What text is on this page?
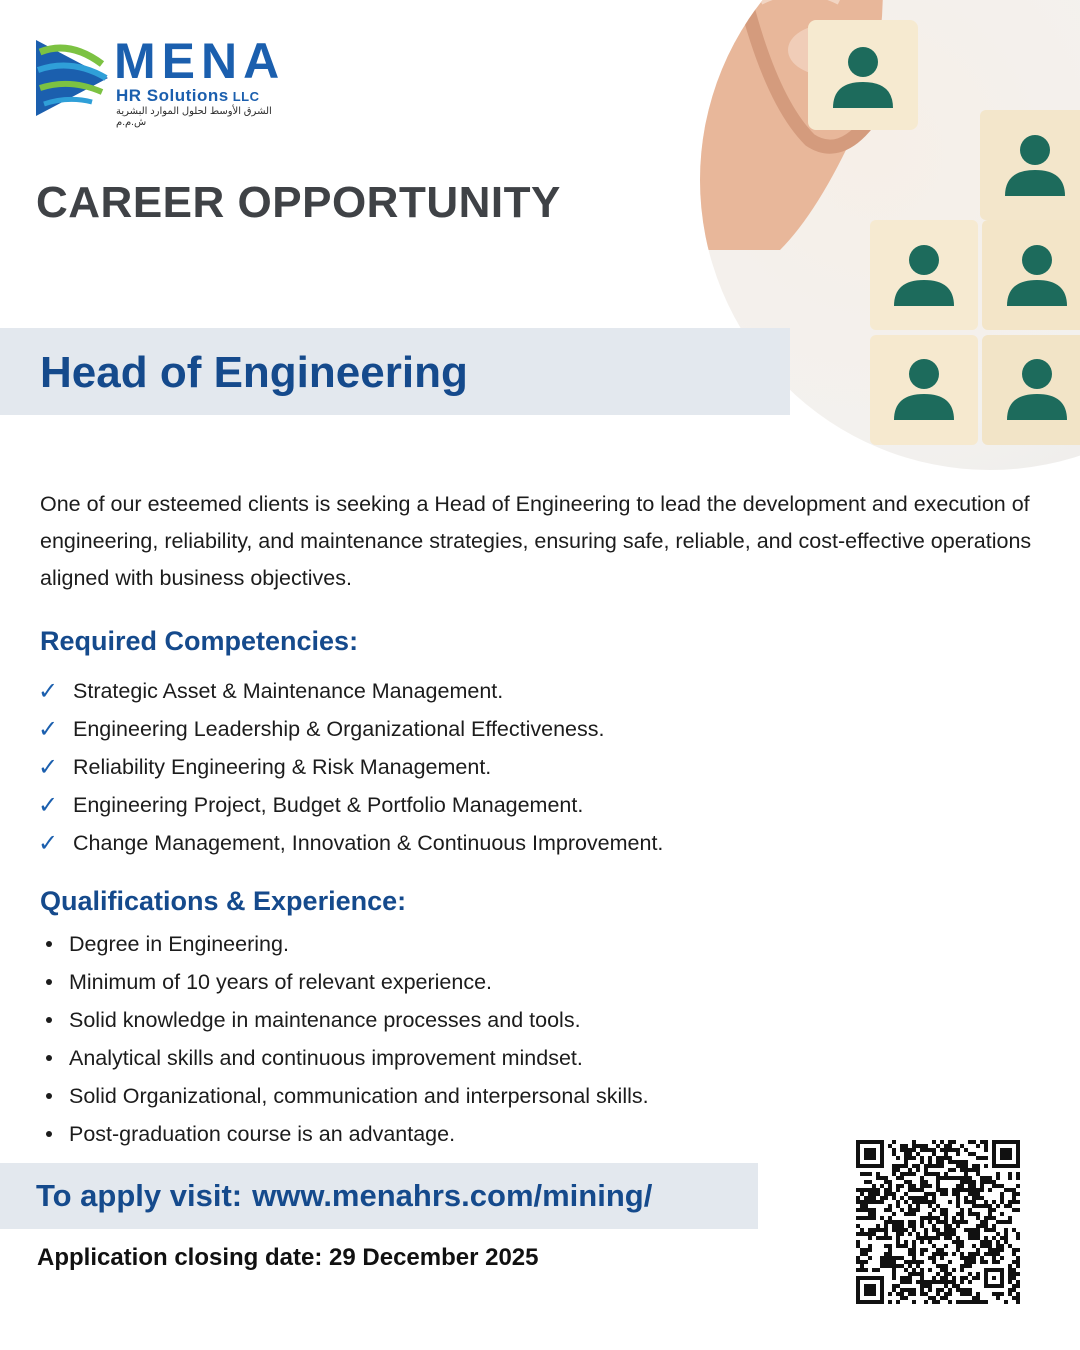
MENA
HR Solutions LLC
الشرق الأوسط لحلول الموارد البشرية ش.م.م
CAREER OPPORTUNITY
Head of Engineering
One of our esteemed clients is seeking a Head of Engineering to lead the development and execution of engineering, reliability, and maintenance strategies, ensuring safe, reliable, and cost-effective operations aligned with business objectives.
Required Competencies:
✓ Strategic Asset & Maintenance Management.
✓ Engineering Leadership & Organizational Effectiveness.
✓ Reliability Engineering & Risk Management.
✓ Engineering Project, Budget & Portfolio Management.
✓ Change Management, Innovation & Continuous Improvement.
Qualifications & Experience:
Degree in Engineering.
Minimum of 10 years of relevant experience.
Solid knowledge in maintenance processes and tools.
Analytical skills and continuous improvement mindset.
Solid Organizational, communication and interpersonal skills.
Post-graduation course is an advantage.
To apply visit: www.menahrs.com/mining/
Application closing date: 29 December 2025
